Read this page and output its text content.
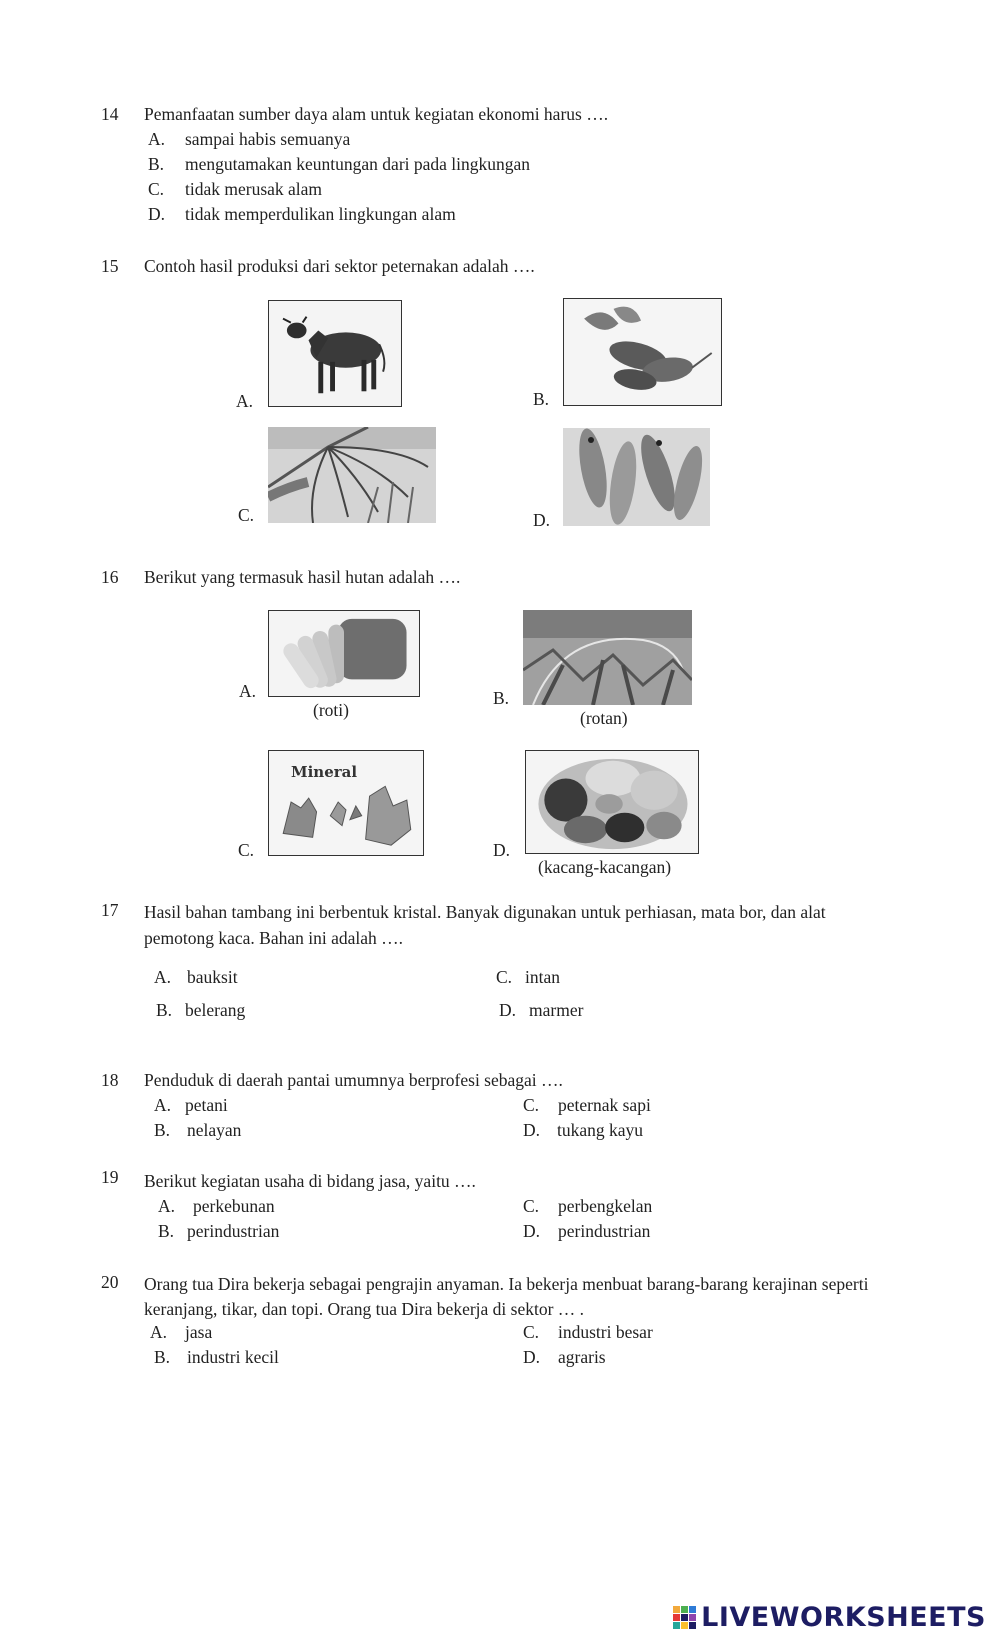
14 Pemanfaatan sumber daya alam untuk kegiatan ekonomi harus ….
A. sampai habis semuanya
B. mengutamakan keuntungan dari pada lingkungan
C. tidak merusak alam
D. tidak memperdulikan lingkungan alam
15 Contoh hasil produksi dari sektor peternakan adalah ….
A.	B.
C.	D.
16 Berikut yang termasuk hasil hutan adalah ….
A.
(roti)
B.
(rotan)
C.
Mineral
D.
(kacang-kacangan)
17 Hasil bahan tambang ini berbentuk kristal. Banyak digunakan untuk perhiasan, mata bor, dan alat pemotong kaca. Bahan ini adalah ….
A. bauksit
B. belerang
C. intan
D. marmer
18 Penduduk di daerah pantai umumnya berprofesi sebagai ….
A. petani
B. nelayan
C. peternak sapi
D. tukang kayu
19 Berikut kegiatan usaha di bidang jasa, yaitu ….
A. perkebunan
B. perindustrian
C. perbengkelan
D. perindustrian
20 Orang tua Dira bekerja sebagai pengrajin anyaman. Ia bekerja menbuat barang-barang kerajinan seperti keranjang, tikar, dan topi. Orang tua Dira bekerja di sektor … .
A. jasa
B. industri kecil
C. industri besar
D. agraris
LIVEWORKSHEETS
